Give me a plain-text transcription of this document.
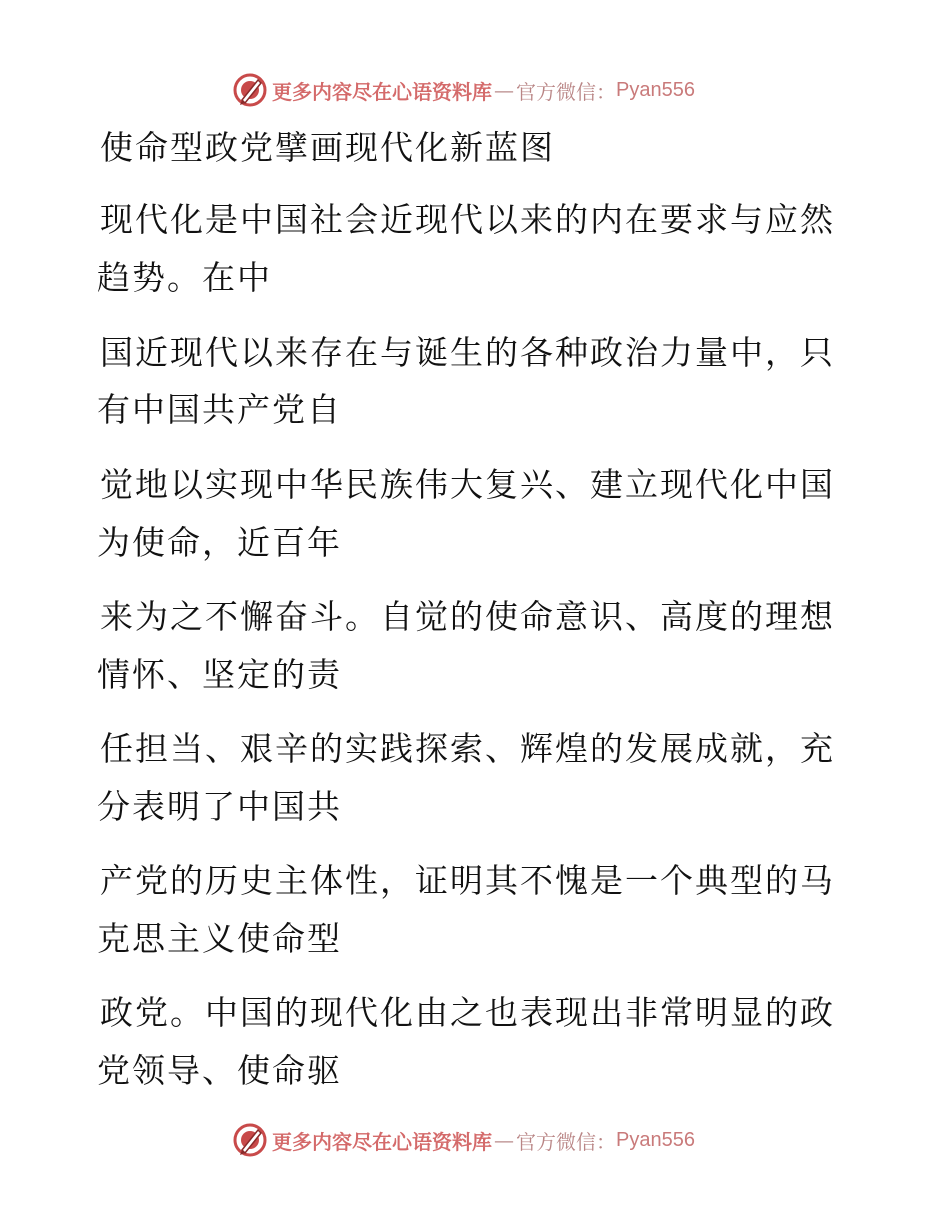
更多内容尽在心语资料库 — 官方微信： Pyan556
使命型政党擘画现代化新蓝图
现代化是中国社会近现代以来的内在要求与应然
趋势。在中
国近现代以来存在与诞生的各种政治力量中，只
有中国共产党自
觉地以实现中华民族伟大复兴、建立现代化中国
为使命，近百年
来为之不懈奋斗。自觉的使命意识、高度的理想
情怀、坚定的责
任担当、艰辛的实践探索、辉煌的发展成就，充
分表明了中国共
产党的历史主体性，证明其不愧是一个典型的马
克思主义使命型
政党。中国的现代化由之也表现出非常明显的政
党领导、使命驱
更多内容尽在心语资料库 — 官方微信： Pyan556
